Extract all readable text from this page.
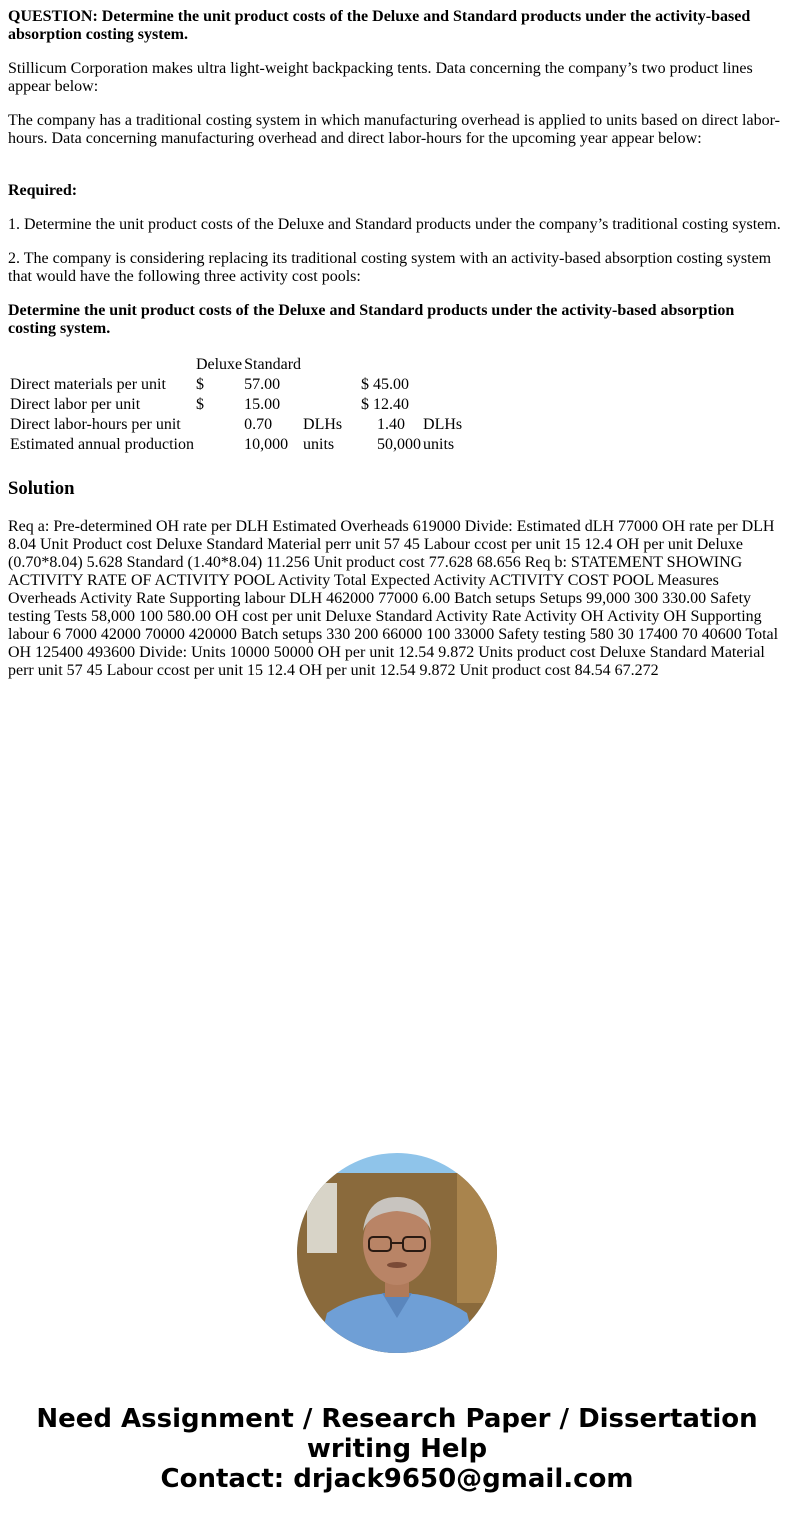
QUESTION: Determine the unit product costs of the Deluxe and Standard products under the activity-based absorption costing system.

Stillicum Corporation makes ultra light-weight backpacking tents. Data concerning the company’s two product lines appear below:

The company has a traditional costing system in which manufacturing overhead is applied to units based on direct labor-hours. Data concerning manufacturing overhead and direct labor-hours for the upcoming year appear below:

Required:

1. Determine the unit product costs of the Deluxe and Standard products under the company’s traditional costing system.

2. The company is considering replacing its traditional costing system with an activity-based absorption costing system that would have the following three activity cost pools:

Determine the unit product costs of the Deluxe and Standard products under the activity-based absorption costing system.

	Deluxe	Standard			
Direct materials per unit	$	57.00		$ 45.00	
Direct labor per unit	$	15.00		$ 12.40	
Direct labor-hours per unit		0.70	DLHs	1.40	DLHs
Estimated annual production		10,000	units	50,000	units
Solution

Req a: Pre-determined OH rate per DLH Estimated Overheads 619000 Divide: Estimated dLH 77000 OH rate per DLH 8.04 Unit Product cost Deluxe Standard Material perr unit 57 45 Labour ccost per unit 15 12.4 OH per unit Deluxe (0.70*8.04) 5.628 Standard (1.40*8.04) 11.256 Unit product cost 77.628 68.656 Req b: STATEMENT SHOWING ACTIVITY RATE OF ACTIVITY POOL Activity Total Expected Activity ACTIVITY COST POOL Measures Overheads Activity Rate Supporting labour DLH 462000 77000 6.00 Batch setups Setups 99,000 300 330.00 Safety testing Tests 58,000 100 580.00 OH cost per unit Deluxe Standard Activity Rate Activity OH Activity OH Supporting labour 6 7000 42000 70000 420000 Batch setups 330 200 66000 100 33000 Safety testing 580 30 17400 70 40600 Total OH 125400 493600 Divide: Units 10000 50000 OH per unit 12.54 9.872 Units product cost Deluxe Standard Material perr unit 57 45 Labour ccost per unit 15 12.4 OH per unit 12.54 9.872 Unit product cost 84.54 67.272

Need Assignment / Research Paper / Dissertation
writing Help
Contact: drjack9650@gmail.com
